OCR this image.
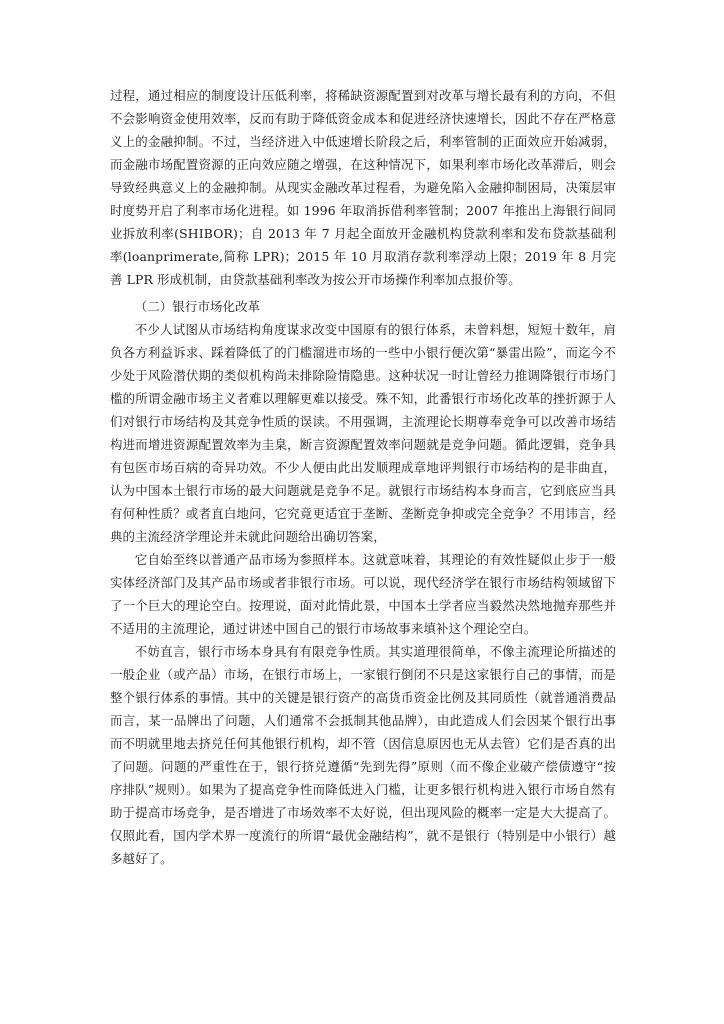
过程，通过相应的制度设计压低利率，将稀缺资源配置到对改革与增长最有利的方向，不但不会影响资金使用效率，反而有助于降低资金成本和促进经济快速增长，因此不存在严格意义上的金融抑制。不过，当经济进入中低速增长阶段之后，利率管制的正面效应开始减弱，而金融市场配置资源的正向效应随之增强，在这种情况下，如果利率市场化改革滞后，则会导致经典意义上的金融抑制。从现实金融改革过程看，为避免陷入金融抑制困局，决策层审时度势开启了利率市场化进程。如 1996 年取消拆借利率管制；2007 年推出上海银行间同业拆放利率(SHIBOR)；自 2013 年 7 月起全面放开金融机构贷款利率和发布贷款基础利率(loanprimerate,简称 LPR)；2015 年 10 月取消存款利率浮动上限；2019 年 8 月完善 LPR 形成机制，由贷款基础利率改为按公开市场操作利率加点报价等。

（二）银行市场化改革

不少人试图从市场结构角度谋求改变中国原有的银行体系，未曾料想，短短十数年，肩负各方利益诉求、踩着降低了的门槛溜进市场的一些中小银行便次第“暴雷出险”，而迄今不少处于风险潜伏期的类似机构尚未排除险情隐患。这种状况一时让曾经力推调降银行市场门槛的所谓金融市场主义者难以理解更难以接受。殊不知，此番银行市场化改革的挫折源于人们对银行市场结构及其竞争性质的误读。不用强调，主流理论长期尊奉竞争可以改善市场结构进而增进资源配置效率为圭臬，断言资源配置效率问题就是竞争问题。循此逻辑，竞争具有包医市场百病的奇异功效。不少人便由此出发顺理成章地评判银行市场结构的是非曲直，认为中国本土银行市场的最大问题就是竞争不足。就银行市场结构本身而言，它到底应当具有何种性质？或者直白地问，它究竟更适宜于垄断、垄断竞争抑或完全竞争？不用讳言，经典的主流经济学理论并未就此问题给出确切答案，

它自始至终以普通产品市场为参照样本。这就意味着，其理论的有效性疑似止步于一般实体经济部门及其产品市场或者非银行市场。可以说，现代经济学在银行市场结构领域留下了一个巨大的理论空白。按理说，面对此情此景，中国本土学者应当毅然决然地抛弃那些并不适用的主流理论，通过讲述中国自己的银行市场故事来填补这个理论空白。

不妨直言，银行市场本身具有有限竞争性质。其实道理很简单，不像主流理论所描述的一般企业（或产品）市场，在银行市场上，一家银行倒闭不只是这家银行自己的事情，而是整个银行体系的事情。其中的关键是银行资产的高货币资金比例及其同质性（就普通消费品而言，某一品牌出了问题，人们通常不会抵制其他品牌），由此造成人们会因某个银行出事而不明就里地去挤兑任何其他银行机构，却不管（因信息原因也无从去管）它们是否真的出了问题。问题的严重性在于，银行挤兑遵循“先到先得”原则（而不像企业破产偿债遵守“按序排队”规则）。如果为了提高竞争性而降低进入门槛，让更多银行机构进入银行市场自然有助于提高市场竞争，是否增进了市场效率不太好说，但出现风险的概率一定是大大提高了。仅照此看，国内学术界一度流行的所谓“最优金融结构”，就不是银行（特别是中小银行）越多越好了。
